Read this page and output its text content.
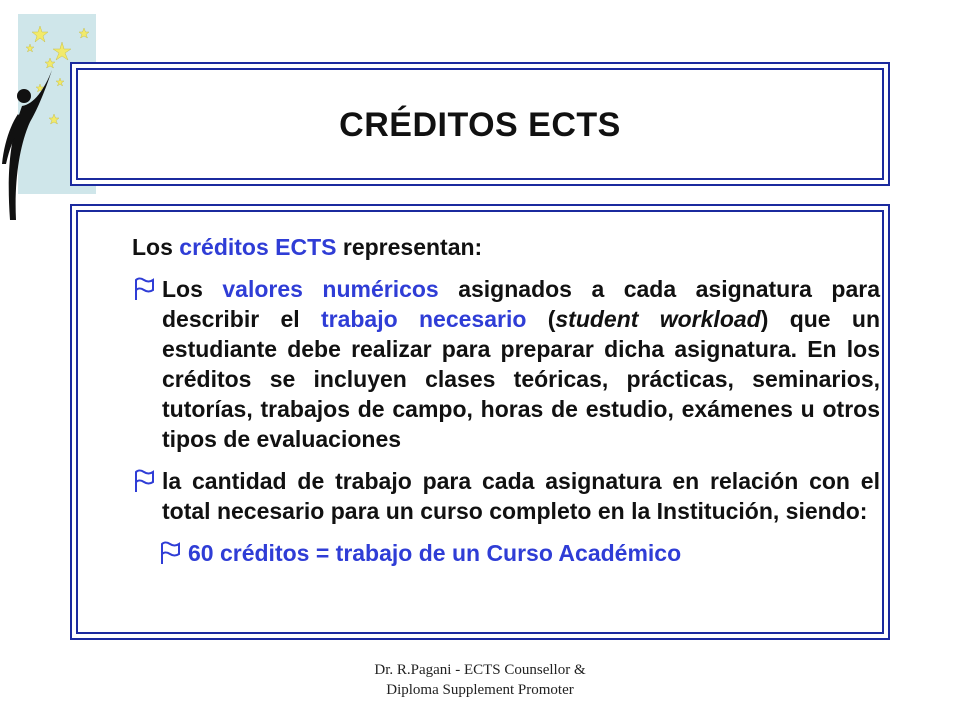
CRÉDITOS ECTS
Los créditos ECTS representan:
Los valores numéricos asignados a cada asignatura para describir el trabajo necesario (student workload) que un estudiante debe realizar para preparar dicha asignatura. En los créditos se incluyen clases teóricas, prácticas, seminarios, tutorías, trabajos de campo, horas de estudio, exámenes u otros tipos de evaluaciones
la cantidad de trabajo para cada asignatura en relación con el total necesario para un curso completo en la Institución, siendo:
60 créditos = trabajo de un Curso Académico
Dr. R.Pagani - ECTS Counsellor &
Diploma Supplement Promoter
